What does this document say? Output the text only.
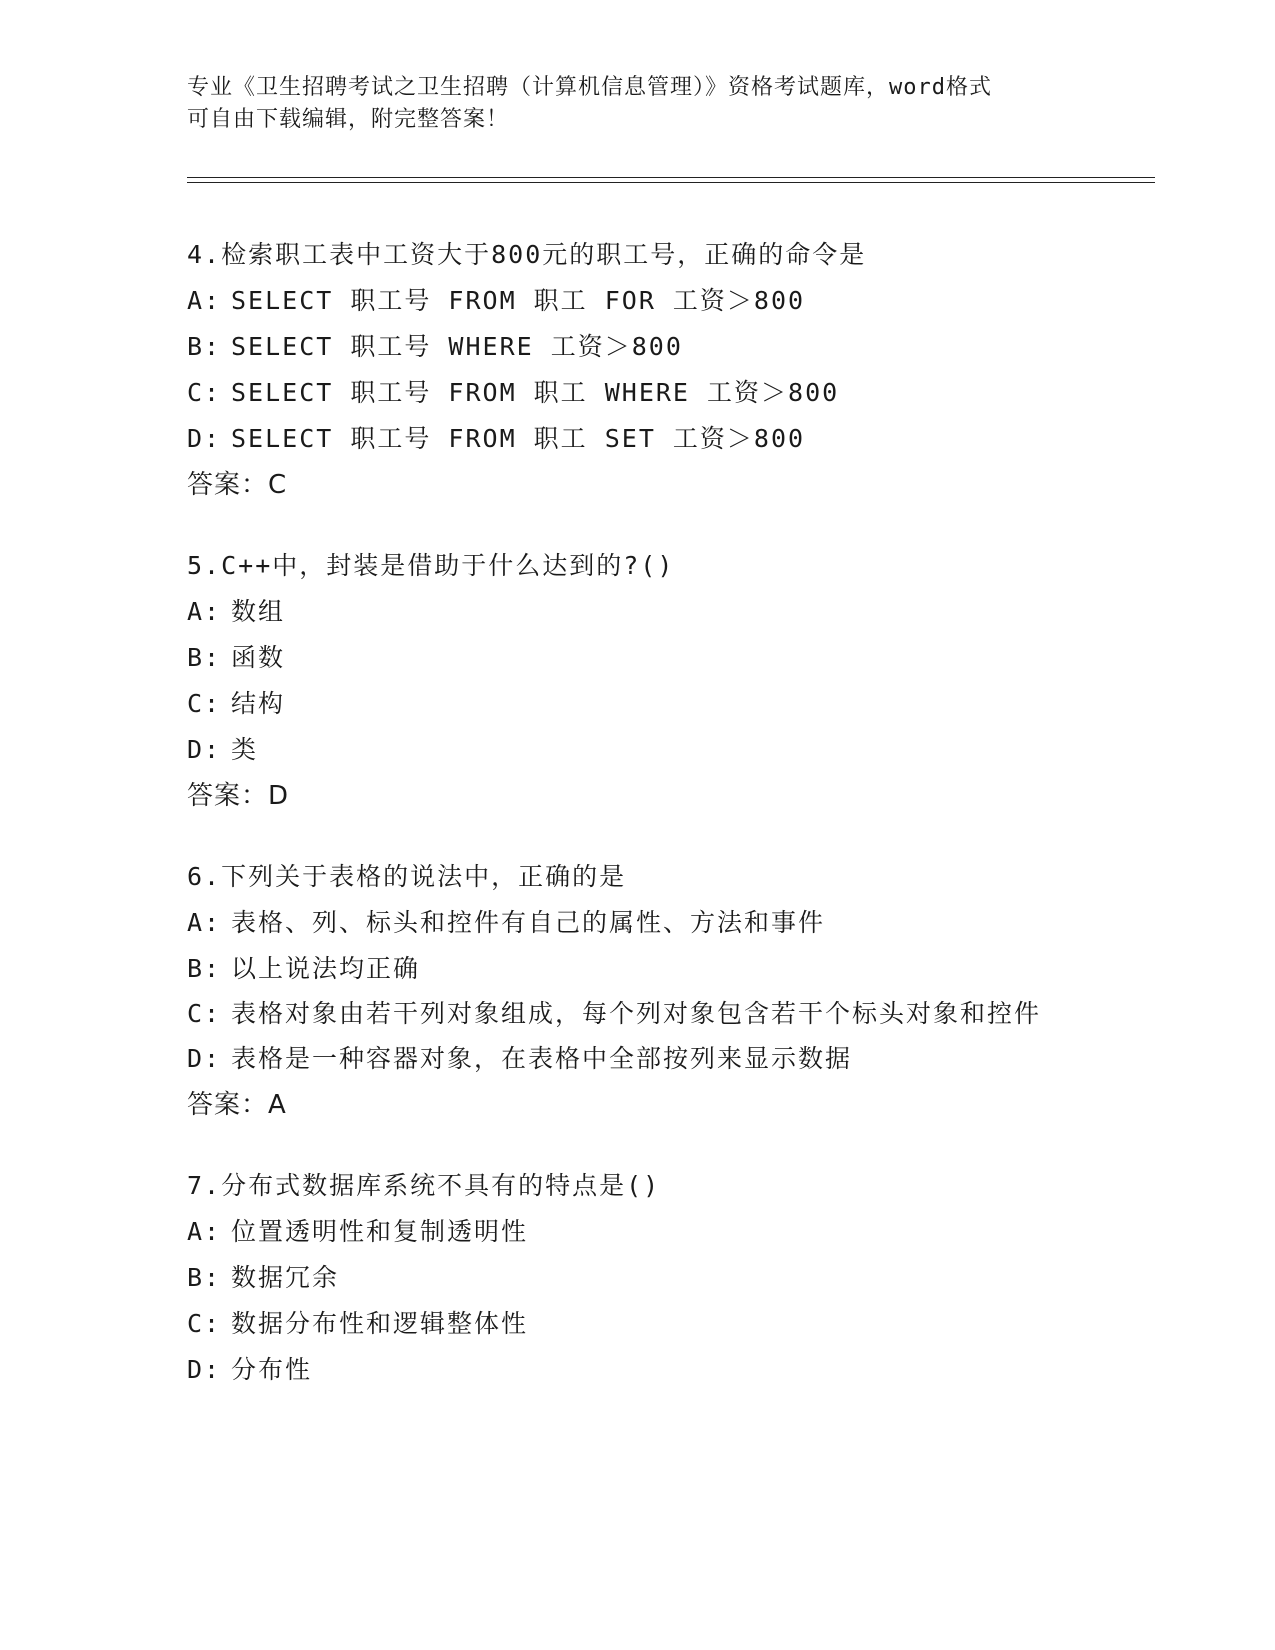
专业《卫生招聘考试之卫生招聘（计算机信息管理）》资格考试题库，word格式
可自由下载编辑，附完整答案！
4.检索职工表中工资大于800元的职工号，正确的命令是
A: SELECT 职工号 FROM 职工 FOR 工资＞800
B: SELECT 职工号 WHERE 工资＞800
C: SELECT 职工号 FROM 职工 WHERE 工资＞800
D: SELECT 职工号 FROM 职工 SET 工资＞800
答案：C
5.C++中，封装是借助于什么达到的?()
A: 数组
B: 函数
C: 结构
D: 类
答案：D
6.下列关于表格的说法中，正确的是
A: 表格、列、标头和控件有自己的属性、方法和事件
B: 以上说法均正确
C: 表格对象由若干列对象组成，每个列对象包含若干个标头对象和控件
D: 表格是一种容器对象，在表格中全部按列来显示数据
答案：A
7.分布式数据库系统不具有的特点是()
A: 位置透明性和复制透明性
B: 数据冗余
C: 数据分布性和逻辑整体性
D: 分布性
